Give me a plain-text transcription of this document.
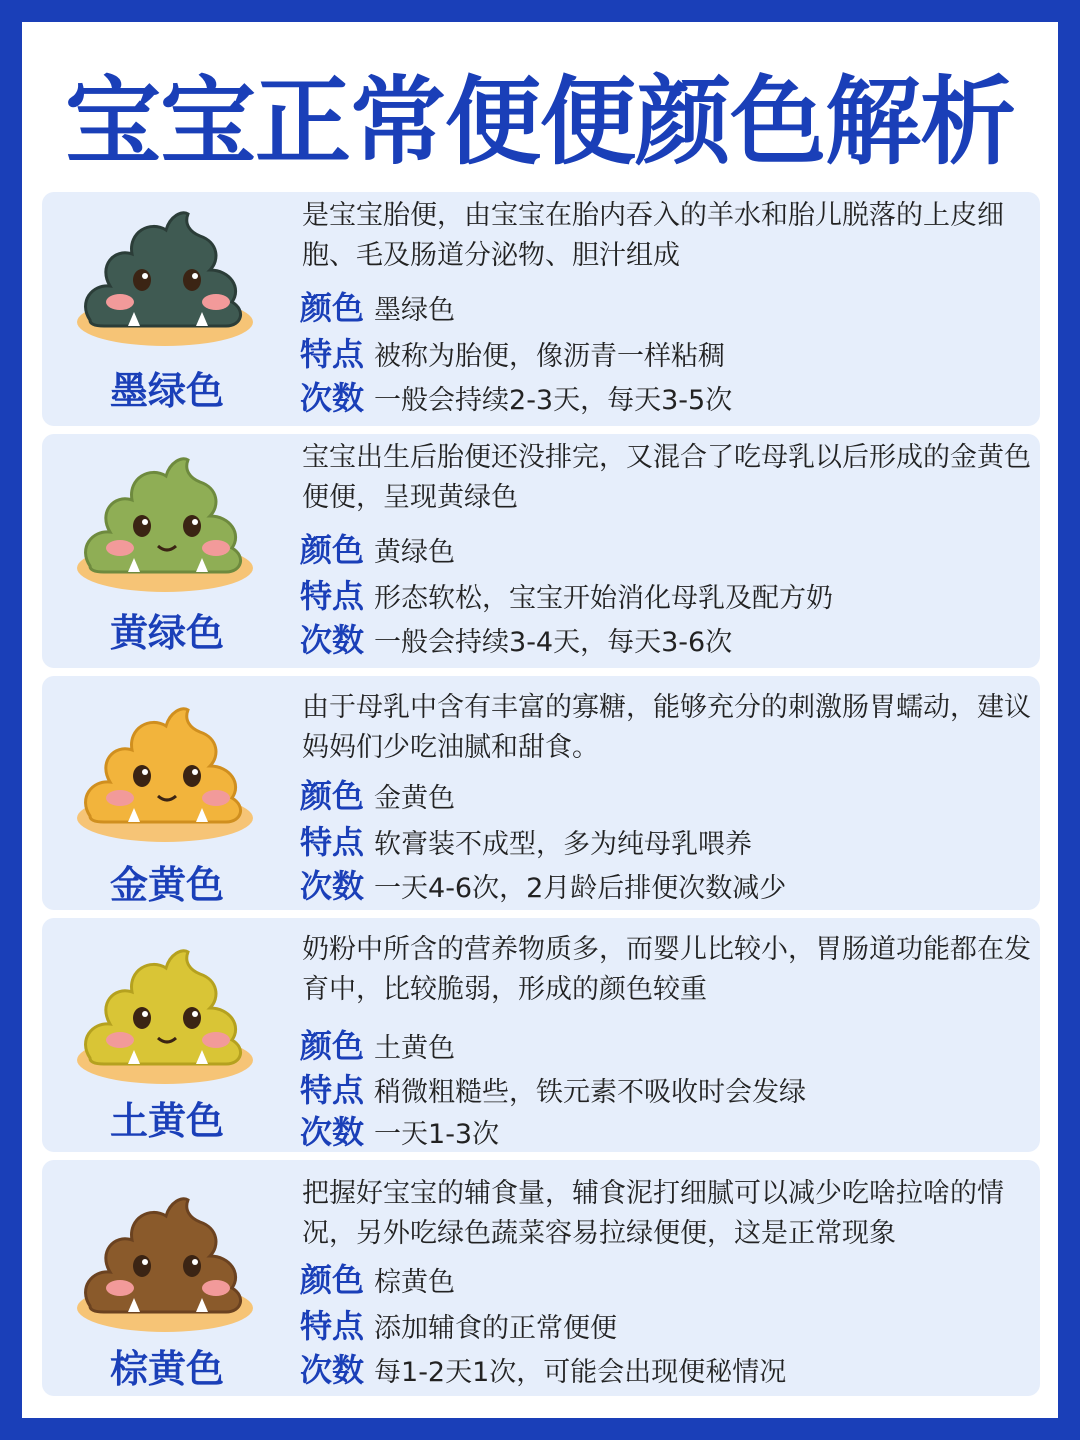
宝宝正常便便颜色解析
墨绿色
是宝宝胎便，由宝宝在胎内吞入的羊水和胎儿脱落的上皮细胞、毛及肠道分泌物、胆汁组成
颜色 墨绿色
特点 被称为胎便，像沥青一样粘稠
次数 一般会持续2-3天，每天3-5次
黄绿色
宝宝出生后胎便还没排完，又混合了吃母乳以后形成的金黄色便便，呈现黄绿色
颜色 黄绿色
特点 形态软松，宝宝开始消化母乳及配方奶
次数 一般会持续3-4天，每天3-6次
金黄色
由于母乳中含有丰富的寡糖，能够充分的刺激肠胃蠕动，建议妈妈们少吃油腻和甜食。
颜色 金黄色
特点 软膏装不成型，多为纯母乳喂养
次数 一天4-6次，2月龄后排便次数减少
土黄色
奶粉中所含的营养物质多，而婴儿比较小，胃肠道功能都在发育中，比较脆弱，形成的颜色较重
颜色 土黄色
特点 稍微粗糙些，铁元素不吸收时会发绿
次数 一天1-3次
棕黄色
把握好宝宝的辅食量，辅食泥打细腻可以减少吃啥拉啥的情况，另外吃绿色蔬菜容易拉绿便便，这是正常现象
颜色 棕黄色
特点 添加辅食的正常便便
次数 每1-2天1次，可能会出现便秘情况
